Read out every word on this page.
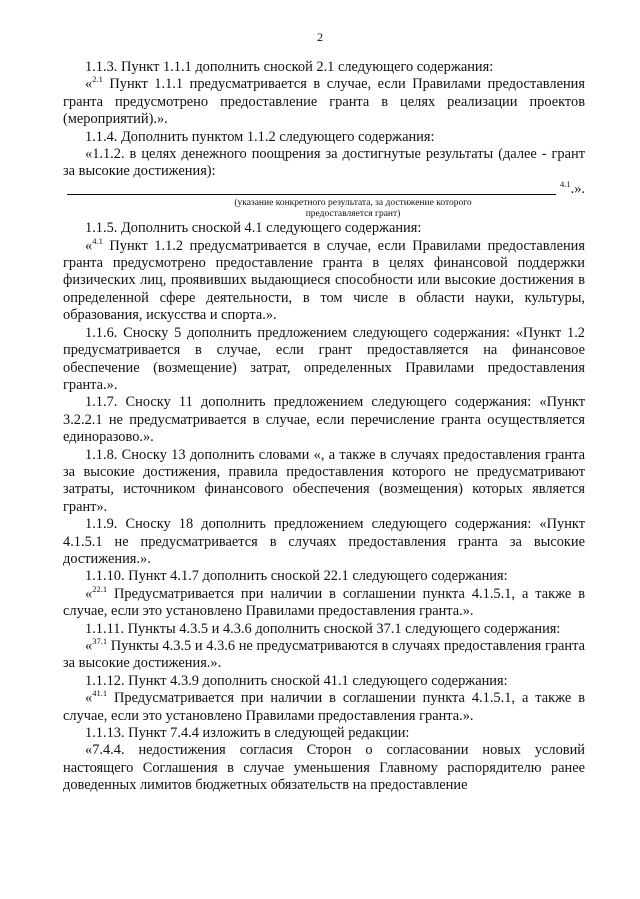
2

1.1.3. Пункт 1.1.1 дополнить сноской 2.1 следующего содержания:

«$^{2.1}$ Пункт 1.1.1 предусматривается в случае, если Правилами предоставления гранта предусмотрено предоставление гранта в целях реализации проектов (мероприятий).».

1.1.4. Дополнить пунктом 1.1.2 следующего содержания:

«1.1.2. в целях денежного поощрения за достигнутые результаты (далее - грант за высокие достижения):

$^{4.1}$.».

(указание конкретного результата, за достижение которого предоставляется грант)

1.1.5. Дополнить сноской 4.1 следующего содержания:

«$^{4.1}$ Пункт 1.1.2 предусматривается в случае, если Правилами предоставления гранта предусмотрено предоставление гранта в целях финансовой поддержки физических лиц, проявивших выдающиеся способности или высокие достижения в определенной сфере деятельности, в том числе в области науки, культуры, образования, искусства и спорта.».

1.1.6. Сноску 5 дополнить предложением следующего содержания: «Пункт 1.2 предусматривается в случае, если грант предоставляется на финансовое обеспечение (возмещение) затрат, определенных Правилами предоставления гранта.».

1.1.7. Сноску 11 дополнить предложением следующего содержания: «Пункт 3.2.2.1 не предусматривается в случае, если перечисление гранта осуществляется единоразово.».

1.1.8. Сноску 13 дополнить словами «, а также в случаях предоставления гранта за высокие достижения, правила предоставления которого не предусматривают затраты, источником финансового обеспечения (возмещения) которых является грант».

1.1.9. Сноску 18 дополнить предложением следующего содержания: «Пункт 4.1.5.1 не предусматривается в случаях предоставления гранта за высокие достижения.».

1.1.10. Пункт 4.1.7 дополнить сноской 22.1 следующего содержания:

«$^{22.1}$ Предусматривается при наличии в соглашении пункта 4.1.5.1, а также в случае, если это установлено Правилами предоставления гранта.».

1.1.11. Пункты 4.3.5 и 4.3.6 дополнить сноской 37.1 следующего содержания:

«$^{37.1}$ Пункты 4.3.5 и 4.3.6 не предусматриваются в случаях предоставления гранта за высокие достижения.».

1.1.12. Пункт 4.3.9 дополнить сноской 41.1 следующего содержания:

«$^{41.1}$ Предусматривается при наличии в соглашении пункта 4.1.5.1, а также в случае, если это установлено Правилами предоставления гранта.».

1.1.13. Пункт 7.4.4 изложить в следующей редакции:

«7.4.4. недостижения согласия Сторон о согласовании новых условий настоящего Соглашения в случае уменьшения Главному распорядителю ранее доведенных лимитов бюджетных обязательств на предоставление
